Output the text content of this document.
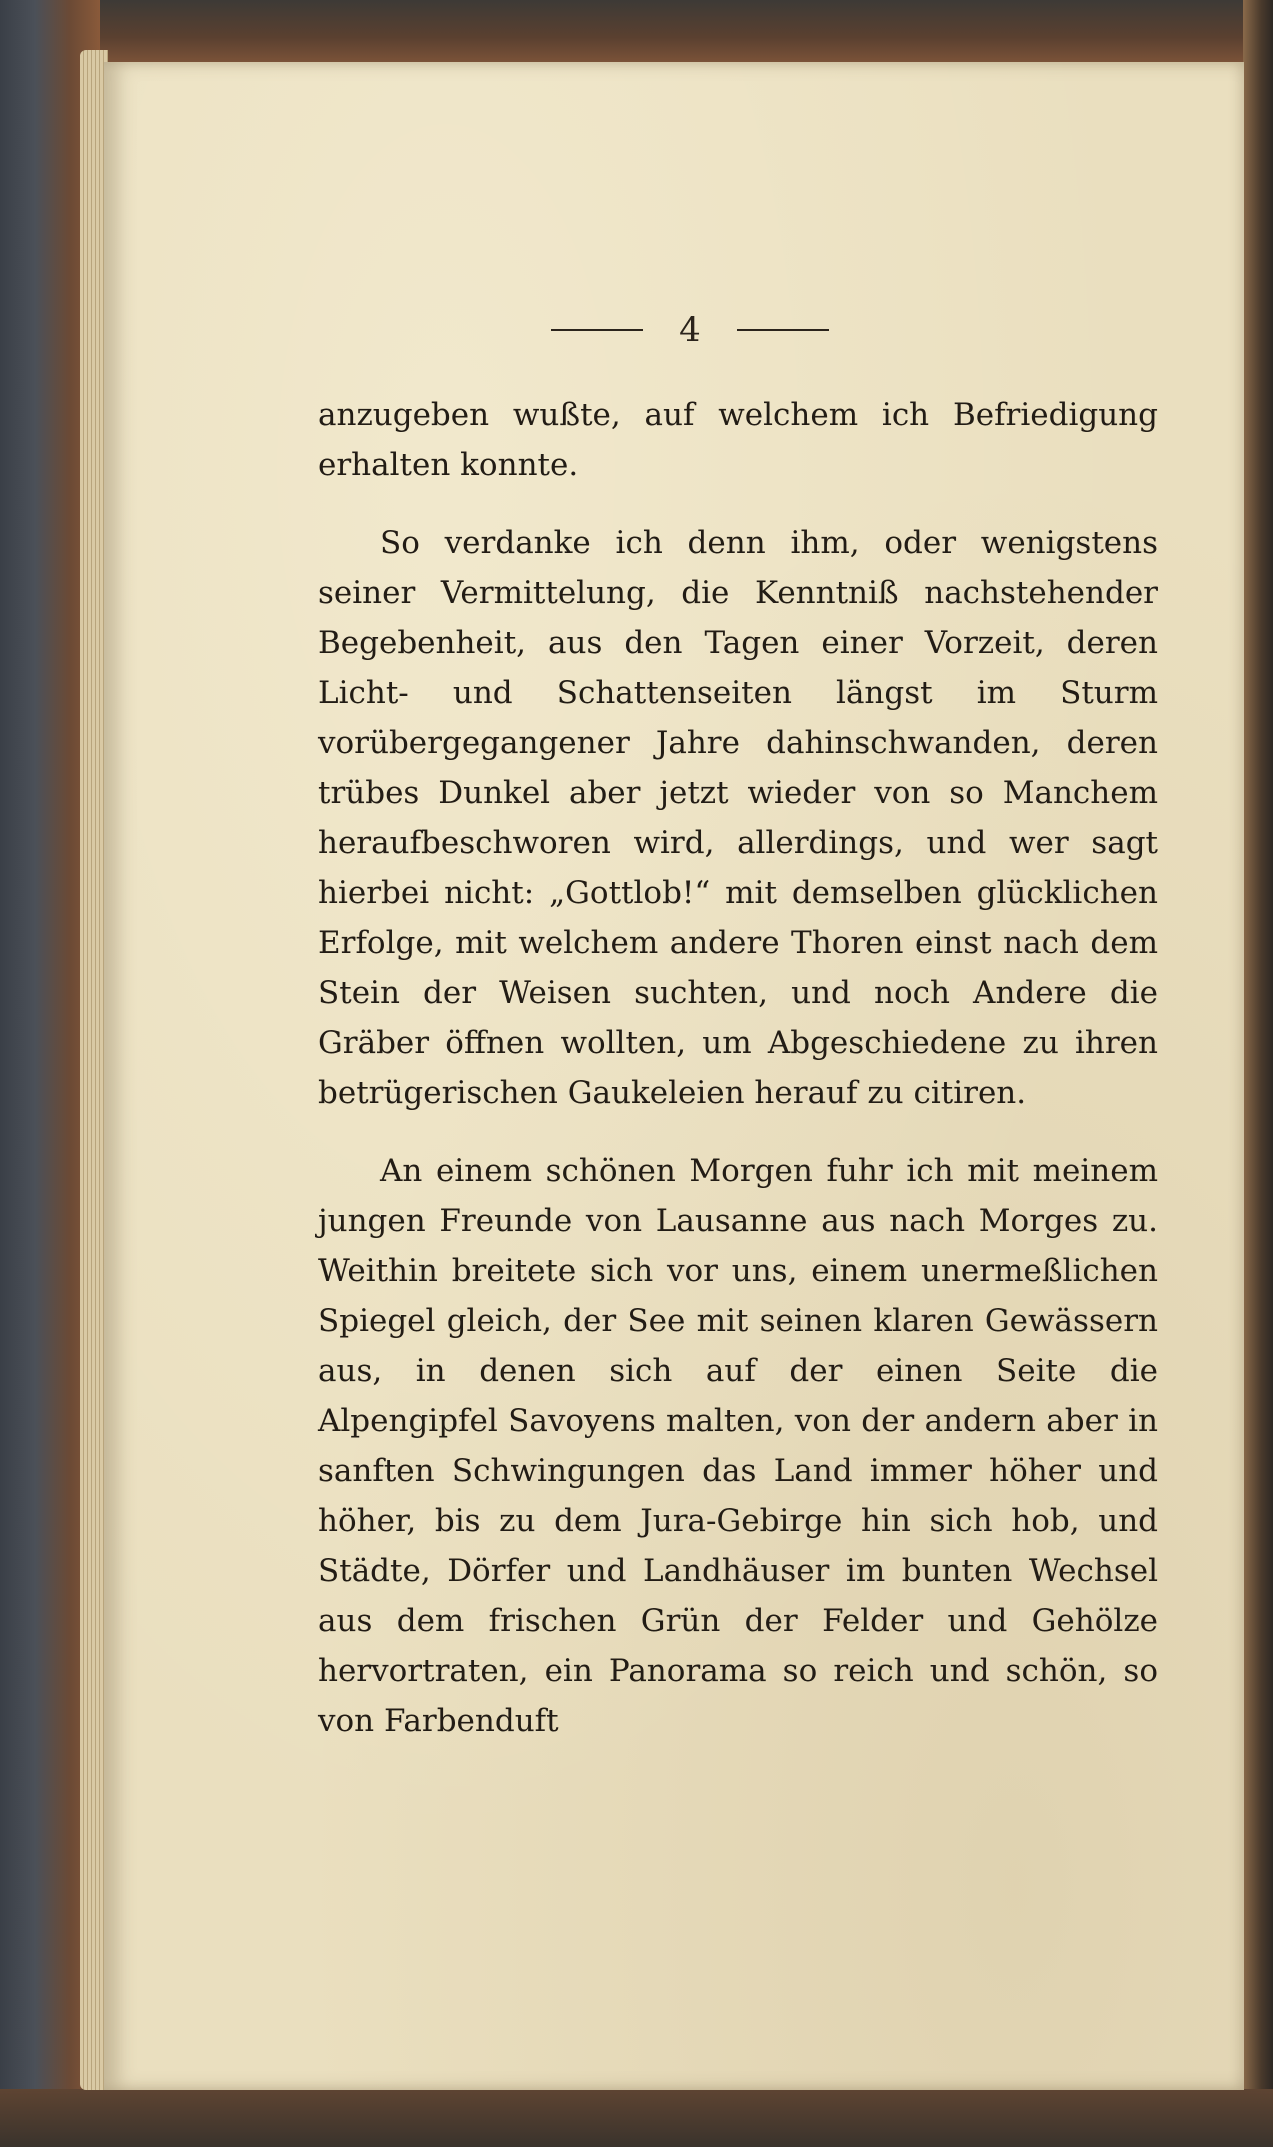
4

anzugeben wußte, auf welchem ich Befriedigung erhalten konnte.

So verdanke ich denn ihm, oder wenigstens seiner Vermittelung, die Kenntniß nachstehender Begebenheit, aus den Tagen einer Vorzeit, deren Licht- und Schattenseiten längst im Sturm vorübergegangener Jahre dahinschwanden, deren trübes Dunkel aber jetzt wieder von so Manchem heraufbeschworen wird, allerdings, und wer sagt hierbei nicht: „Gottlob!“ mit demselben glücklichen Erfolge, mit welchem andere Thoren einst nach dem Stein der Weisen suchten, und noch Andere die Gräber öffnen wollten, um Abgeschiedene zu ihren betrügerischen Gaukeleien herauf zu citiren.

An einem schönen Morgen fuhr ich mit meinem jungen Freunde von Lausanne aus nach Morges zu. Weithin breitete sich vor uns, einem unermeßlichen Spiegel gleich, der See mit seinen klaren Gewässern aus, in denen sich auf der einen Seite die Alpengipfel Savoyens malten, von der andern aber in sanften Schwingungen das Land immer höher und höher, bis zu dem Jura-Gebirge hin sich hob, und Städte, Dörfer und Landhäuser im bunten Wechsel aus dem frischen Grün der Felder und Gehölze hervortraten, ein Panorama so reich und schön, so von Farbenduft
